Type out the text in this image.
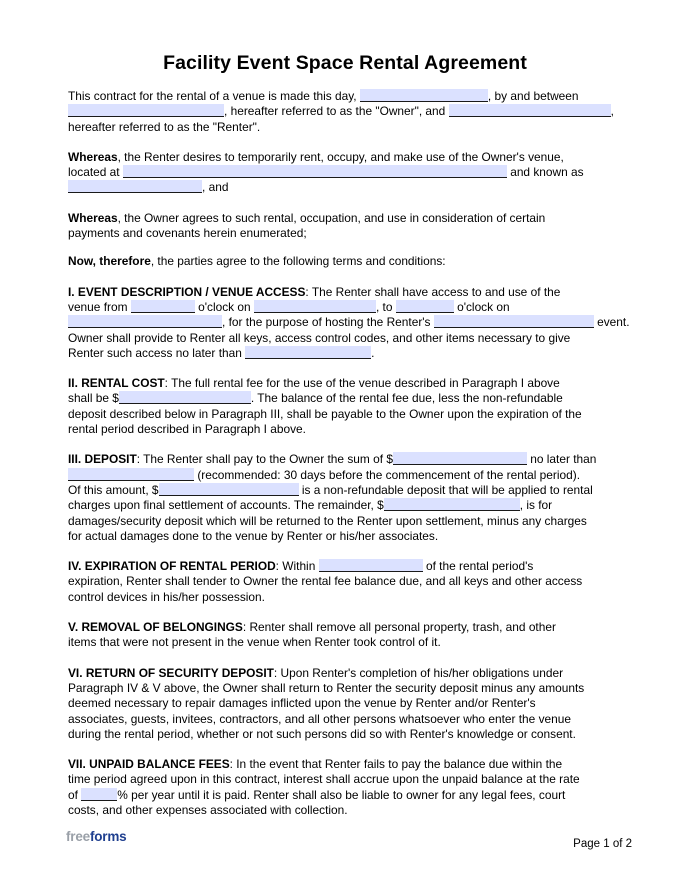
Facility Event Space Rental Agreement
This contract for the rental of a venue is made this day,	, by and between
, hereafter referred to as the "Owner", and	,
hereafter referred to as the "Renter".
Whereas, the Renter desires to temporarily rent, occupy, and make use of the Owner's venue,
located at	and known as
, and
Whereas, the Owner agrees to such rental, occupation, and use in consideration of certain
payments and covenants herein enumerated;
Now, therefore, the parties agree to the following terms and conditions:
I. EVENT DESCRIPTION / VENUE ACCESS: The Renter shall have access to and use of the
venue from	o'clock on	, to	o'clock on
, for the purpose of hosting the Renter's	event.
Owner shall provide to Renter all keys, access control codes, and other items necessary to give
Renter such access no later than	.
II. RENTAL COST: The full rental fee for the use of the venue described in Paragraph I above
shall be $	. The balance of the rental fee due, less the non-refundable
deposit described below in Paragraph III, shall be payable to the Owner upon the expiration of the
rental period described in Paragraph I above.
III. DEPOSIT: The Renter shall pay to the Owner the sum of $	no later than
(recommended: 30 days before the commencement of the rental period).
Of this amount, $	is a non-refundable deposit that will be applied to rental
charges upon final settlement of accounts. The remainder, $	, is for
damages/security deposit which will be returned to the Renter upon settlement, minus any charges
for actual damages done to the venue by Renter or his/her associates.
IV. EXPIRATION OF RENTAL PERIOD: Within	of the rental period's
expiration, Renter shall tender to Owner the rental fee balance due, and all keys and other access
control devices in his/her possession.
V. REMOVAL OF BELONGINGS: Renter shall remove all personal property, trash, and other
items that were not present in the venue when Renter took control of it.
VI. RETURN OF SECURITY DEPOSIT: Upon Renter's completion of his/her obligations under
Paragraph IV & V above, the Owner shall return to Renter the security deposit minus any amounts
deemed necessary to repair damages inflicted upon the venue by Renter and/or Renter's
associates, guests, invitees, contractors, and all other persons whatsoever who enter the venue
during the rental period, whether or not such persons did so with Renter's knowledge or consent.
VII. UNPAID BALANCE FEES: In the event that Renter fails to pay the balance due within the
time period agreed upon in this contract, interest shall accrue upon the unpaid balance at the rate
of	% per year until it is paid. Renter shall also be liable to owner for any legal fees, court
costs, and other expenses associated with collection.
freeforms	Page 1 of 2
